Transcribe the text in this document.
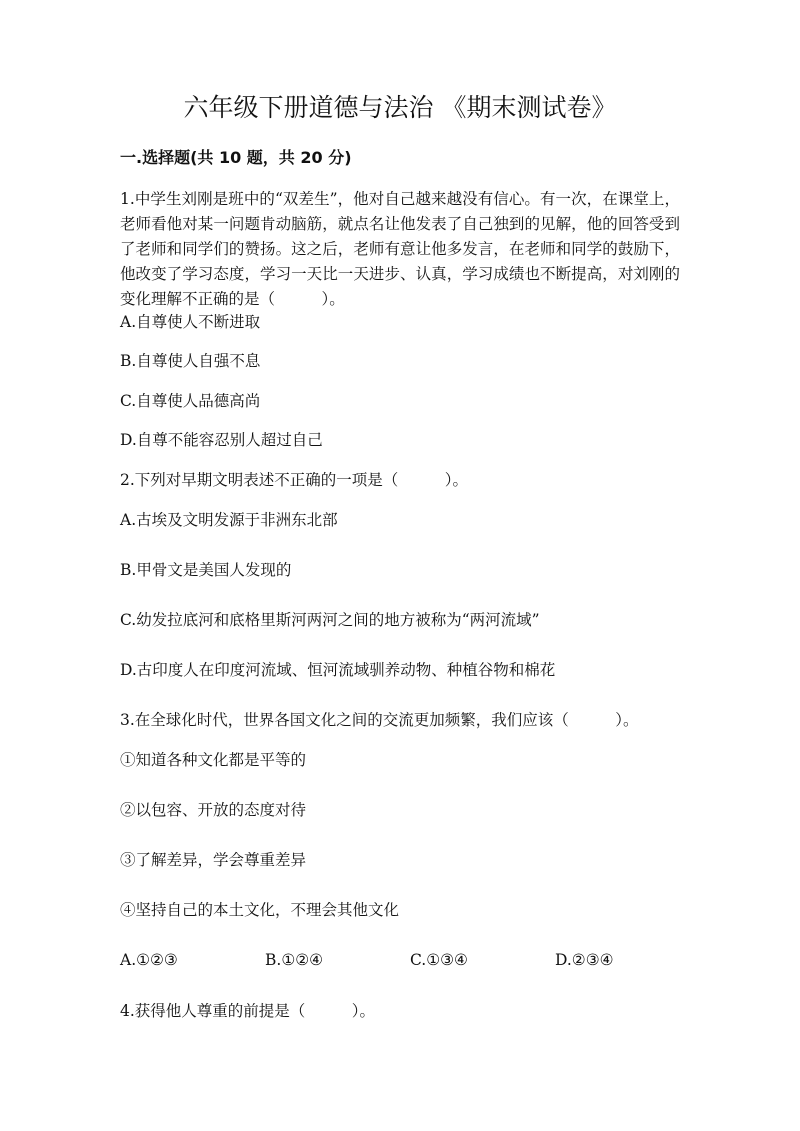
六年级下册道德与法治 《期末测试卷》
一.选择题(共 10 题，共 20 分)
1.中学生刘刚是班中的“双差生”，他对自己越来越没有信心。有一次，在课堂上，老师看他对某一问题肯动脑筋，就点名让他发表了自己独到的见解，他的回答受到了老师和同学们的赞扬。这之后，老师有意让他多发言，在老师和同学的鼓励下，他改变了学习态度，学习一天比一天进步、认真，学习成绩也不断提高，对刘刚的变化理解不正确的是（　　　）。
A.自尊使人不断进取
B.自尊使人自强不息
C.自尊使人品德高尚
D.自尊不能容忍别人超过自己
2.下列对早期文明表述不正确的一项是（　　　）。
A.古埃及文明发源于非洲东北部
B.甲骨文是美国人发现的
C.幼发拉底河和底格里斯河两河之间的地方被称为“两河流域”
D.古印度人在印度河流域、恒河流域驯养动物、种植谷物和棉花
3.在全球化时代，世界各国文化之间的交流更加频繁，我们应该（　　　）。
①知道各种文化都是平等的
②以包容、开放的态度对待
③了解差异，学会尊重差异
④坚持自己的本土文化，不理会其他文化
A.①②③	B.①②④	C.①③④	D.②③④
4.获得他人尊重的前提是（　　　）。
